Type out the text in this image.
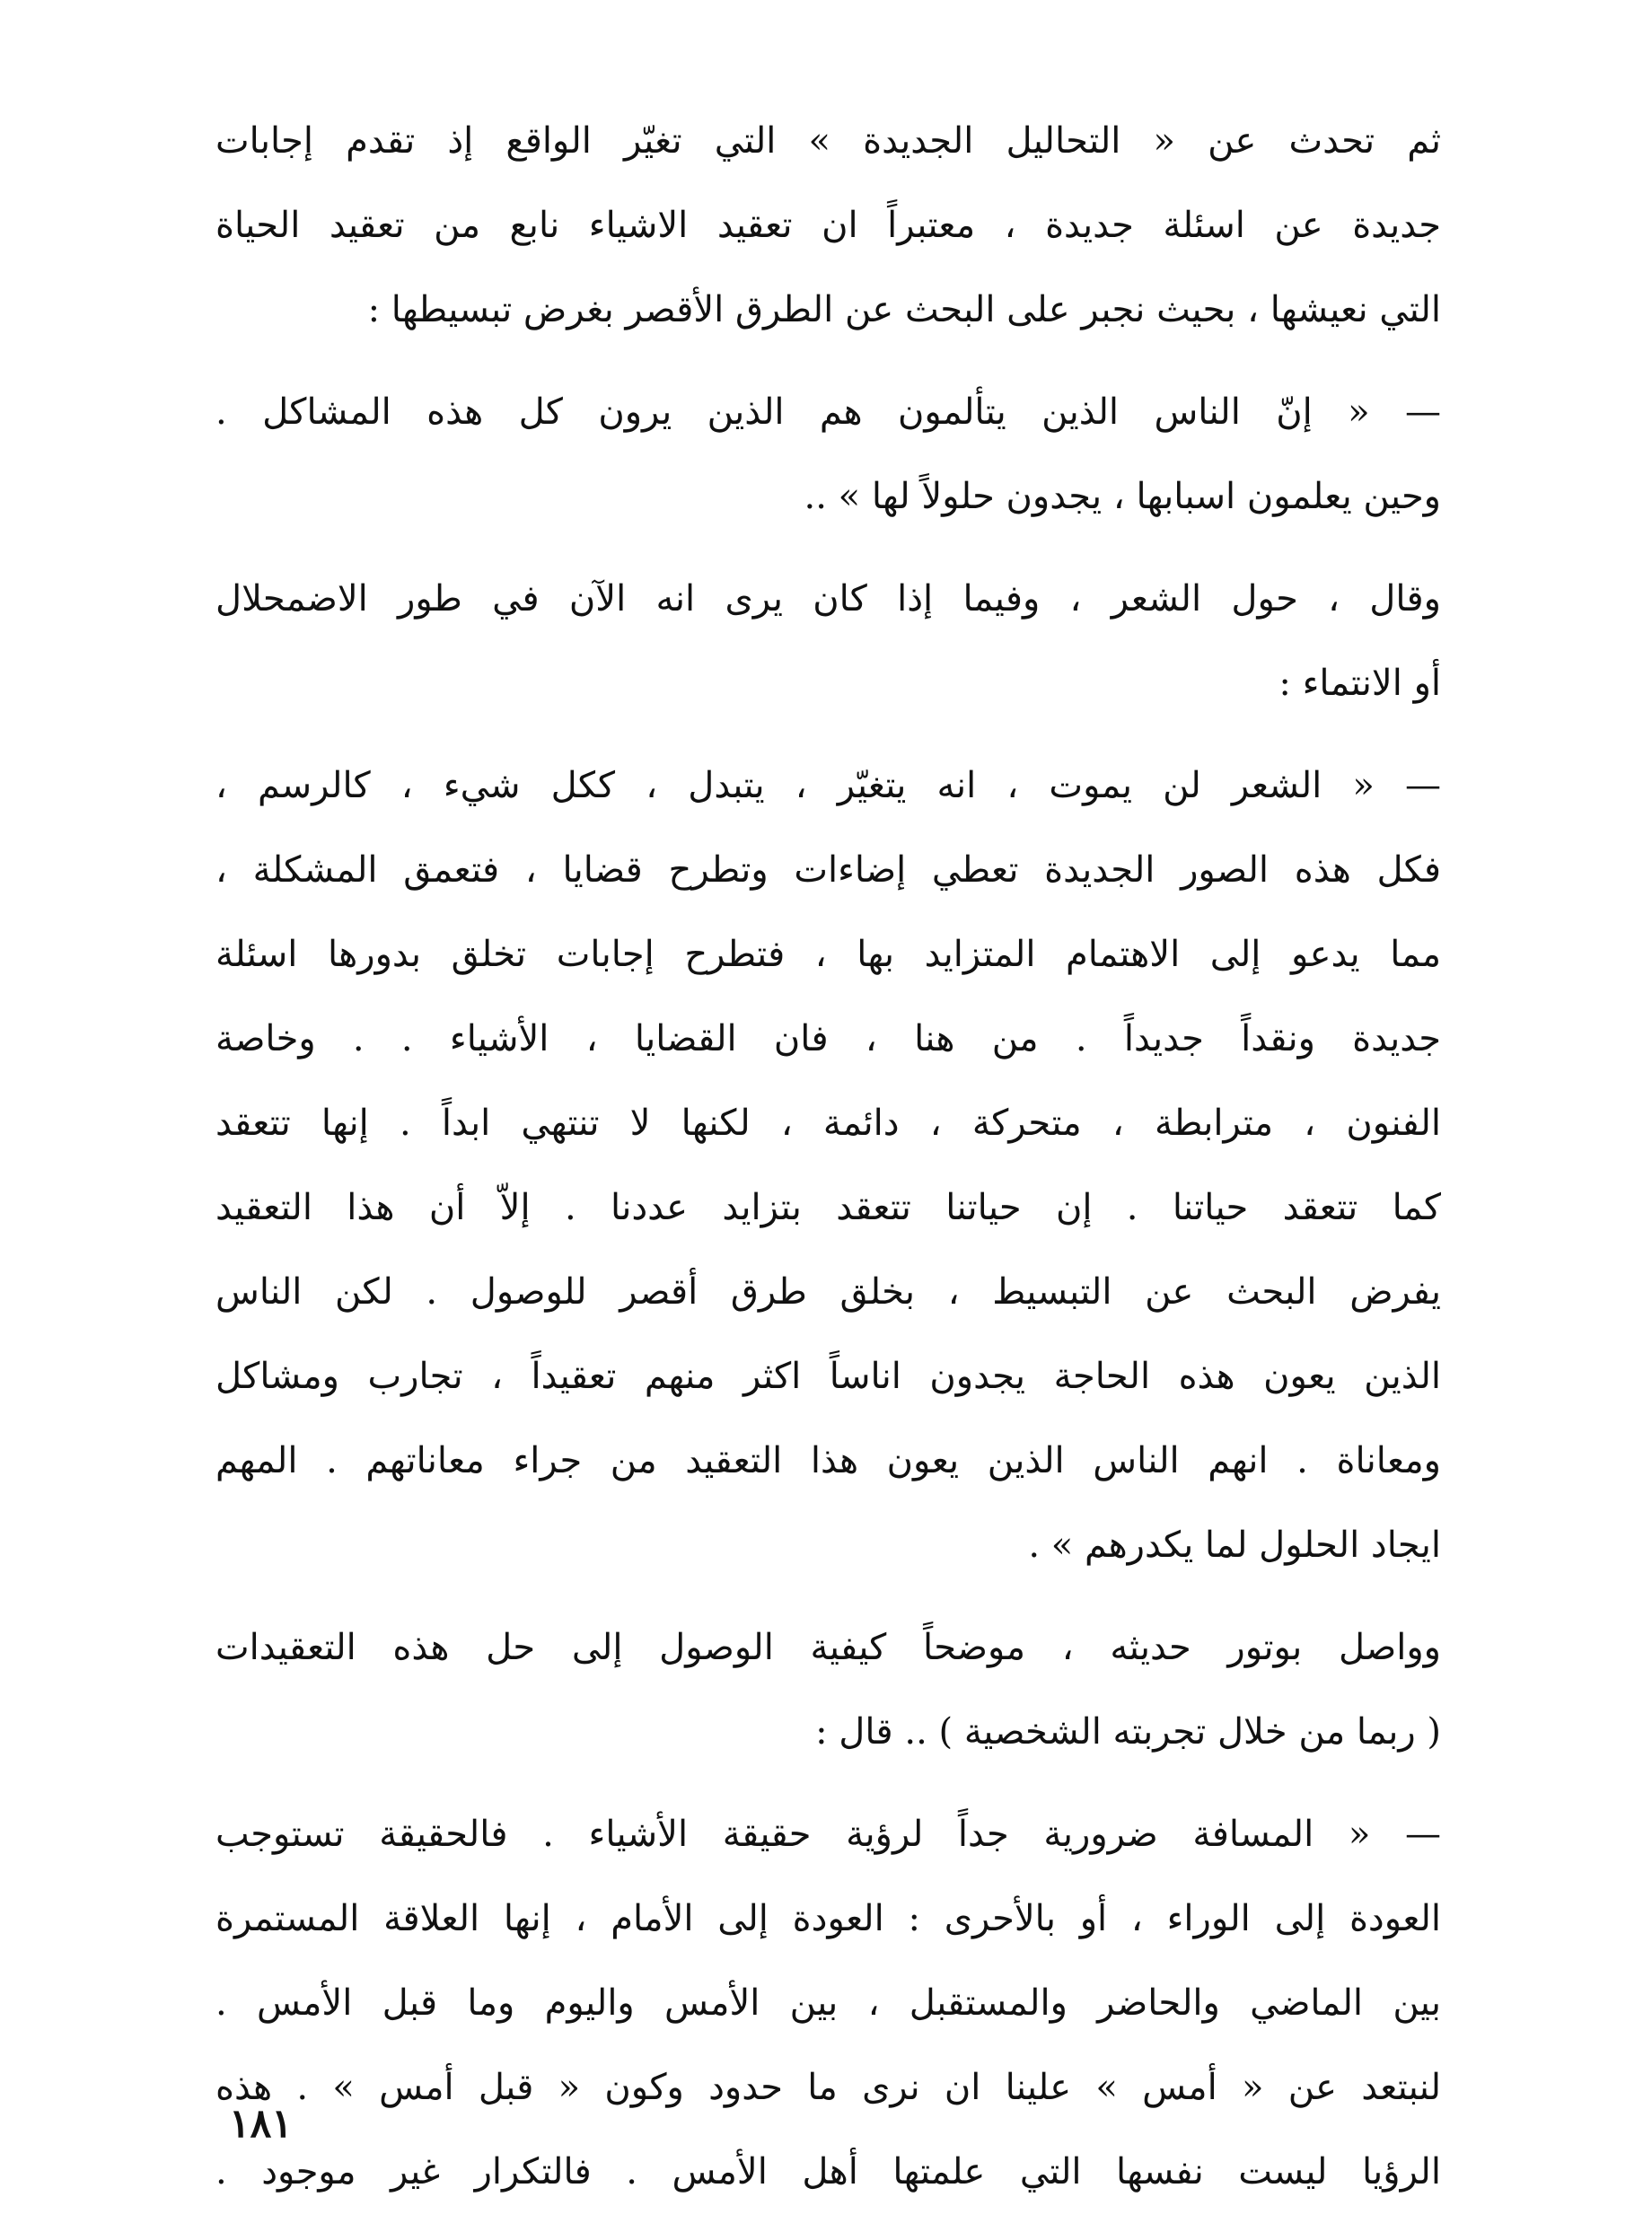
ثم تحدث عن « التحاليل الجديدة » التي تغيّر الواقع إذ تقدم إجابات
جديدة عن اسئلة جديدة ، معتبراً ان تعقيد الاشياء نابع من تعقيد الحياة
التي نعيشها ، بحيث نجبر على البحث عن الطرق الأقصر بغرض تبسيطها :
— « إنّ الناس الذين يتألمون هم الذين يرون كل هذه المشاكل .
وحين يعلمون اسبابها ، يجدون حلولاً لها » ..
وقال ، حول الشعر ، وفيما إذا كان يرى انه الآن في طور الاضمحلال
أو الانتماء :
— « الشعر لن يموت ، انه يتغيّر ، يتبدل ، ككل شيء ، كالرسم ،
فكل هذه الصور الجديدة تعطي إضاءات وتطرح قضايا ، فتعمق المشكلة ،
مما يدعو إلى الاهتمام المتزايد بها ، فتطرح إجابات تخلق بدورها اسئلة
جديدة ونقداً جديداً . من هنا ، فان القضايا ، الأشياء . . وخاصة
الفنون ، مترابطة ، متحركة ، دائمة ، لكنها لا تنتهي ابداً . إنها تتعقد
كما تتعقد حياتنا . إن حياتنا تتعقد بتزايد عددنا . إلاّ أن هذا التعقيد
يفرض البحث عن التبسيط ، بخلق طرق أقصر للوصول . لكن الناس
الذين يعون هذه الحاجة يجدون اناساً اكثر منهم تعقيداً ، تجارب ومشاكل
ومعاناة . انهم الناس الذين يعون هذا التعقيد من جراء معاناتهم . المهم
ايجاد الحلول لما يكدرهم » .
وواصل بوتور حديثه ، موضحاً كيفية الوصول إلى حل هذه التعقيدات
( ربما من خلال تجربته الشخصية ) .. قال :
— « المسافة ضرورية جداً لرؤية حقيقة الأشياء . فالحقيقة تستوجب
العودة إلى الوراء ، أو بالأحرى : العودة إلى الأمام ، إنها العلاقة المستمرة
بين الماضي والحاضر والمستقبل ، بين الأمس واليوم وما قبل الأمس .
لنبتعد عن « أمس » علينا ان نرى ما حدود وكون « قبل أمس » . هذه
الرؤيا ليست نفسها التي علمتها أهل الأمس . فالتكرار غير موجود .
١٨١
